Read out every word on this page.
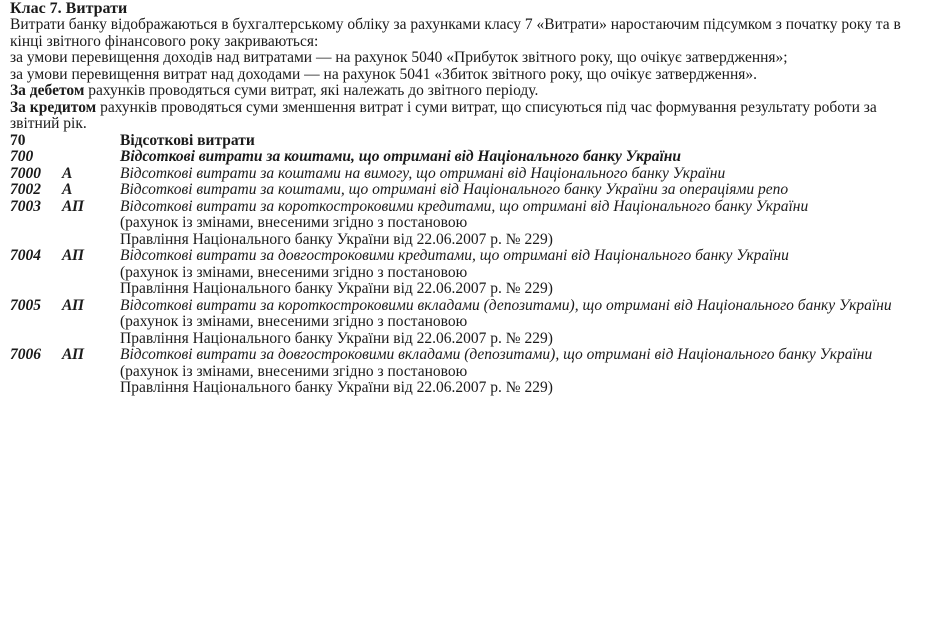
Клас 7. Витрати

Витрати банку відображаються в бухгалтерському обліку за рахунками класу 7 «Витрати» наростаючим підсумком з початку року та в кінці звітного фінансового року закриваються:

за умови перевищення доходів над витратами — на рахунок 5040 «Прибуток звітного року, що очікує затвердження»;

за умови перевищення витрат над доходами — на рахунок 5041 «Збиток звітного року, що очікує затвердження».

За дебетом рахунків проводяться суми витрат, які належать до звітного періоду.

За кредитом рахунків проводяться суми зменшення витрат і суми витрат, що списуються під час формування результату роботи за звітний рік.

70	Відсоткові витрати
700	Відсоткові витрати за коштами, що отримані від Національного банку України
7000 А	Відсоткові витрати за коштами на вимогу, що отримані від Національного банку України
7002 А	Відсоткові витрати за коштами, що отримані від Національного банку України за операціями репо
7003 АП Відсоткові витрати за короткостроковими кредитами, що отримані від Національного банку України
(рахунок із змінами, внесеними згідно з постановою
Правління Національного банку України від 22.06.2007 р. № 229)
7004 АП Відсоткові витрати за довгостроковими кредитами, що отримані від Національного банку України
(рахунок із змінами, внесеними згідно з постановою
Правління Національного банку України від 22.06.2007 р. № 229)
7005 АП Відсоткові витрати за короткостроковими вкладами (депозитами), що отримані від Національного банку України
(рахунок із змінами, внесеними згідно з постановою
Правління Національного банку України від 22.06.2007 р. № 229)
7006 АП Відсоткові витрати за довгостроковими вкладами (депозитами), що отримані від Національного банку України
(рахунок із змінами, внесеними згідно з постановою
Правління Національного банку України від 22.06.2007 р. № 229)
